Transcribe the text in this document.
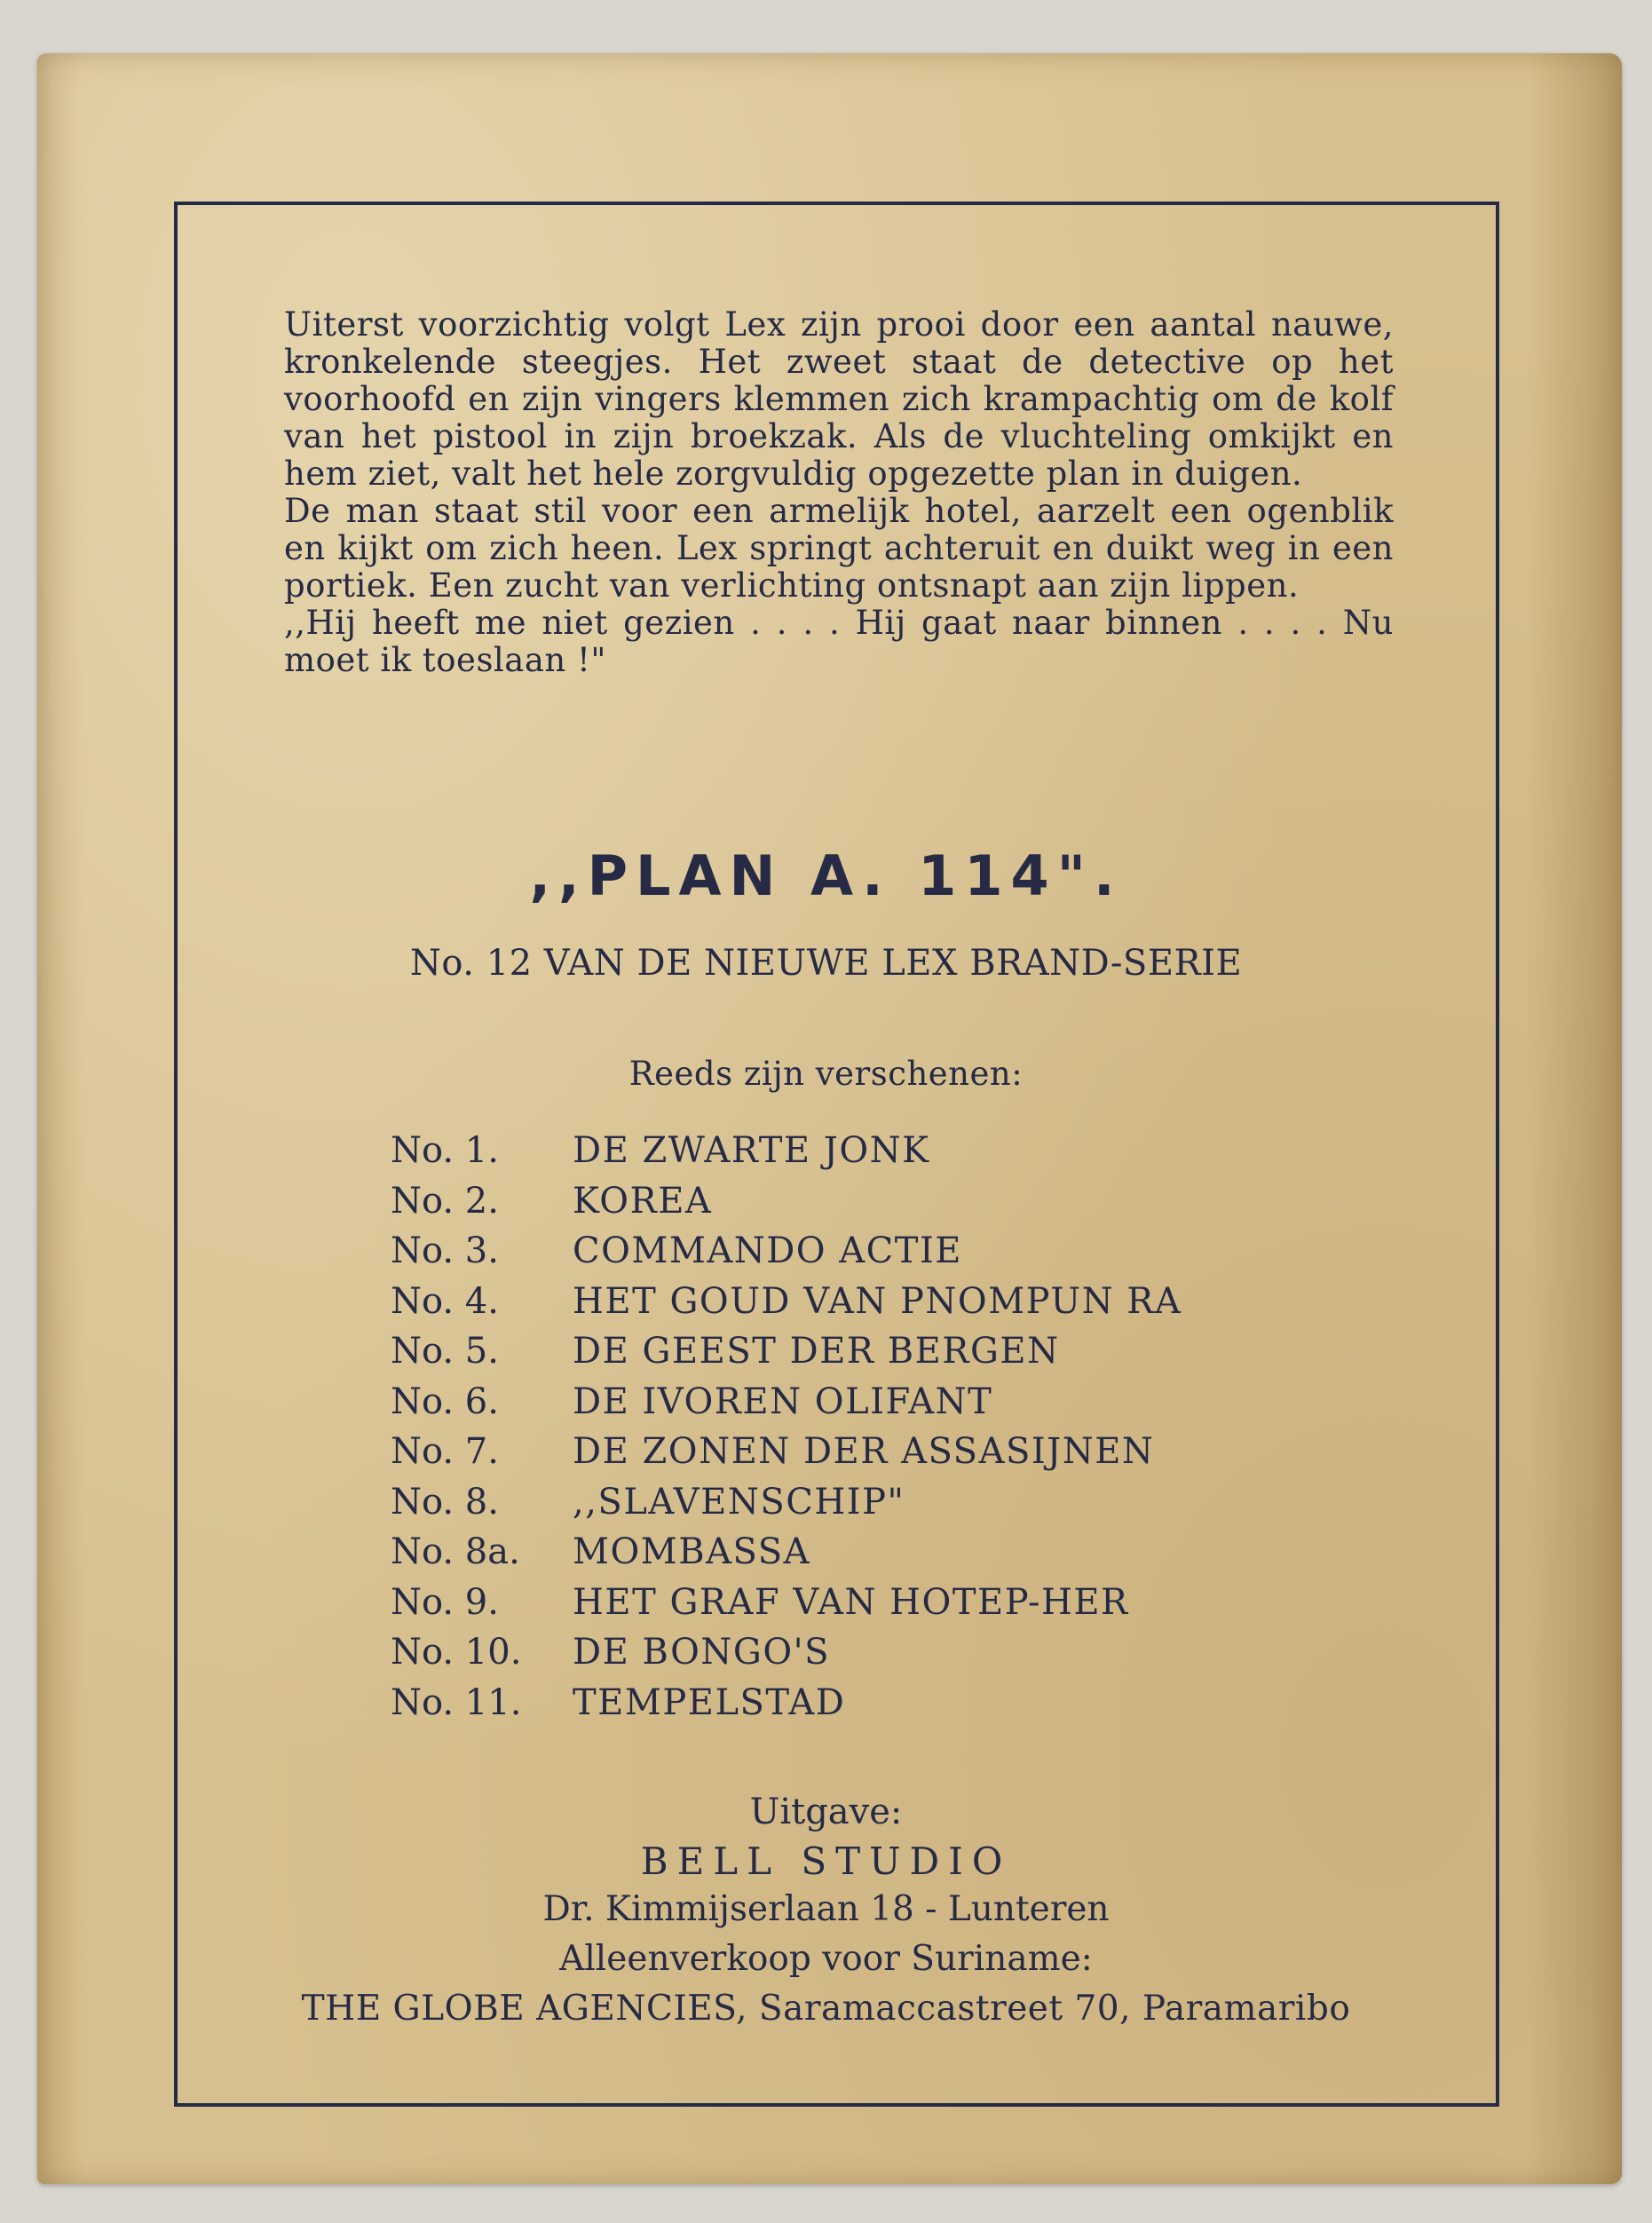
Uiterst voorzichtig volgt Lex zijn prooi door een aantal nauwe, kronkelende steegjes. Het zweet staat de detective op het voorhoofd en zijn vingers klemmen zich krampachtig om de kolf van het pistool in zijn broekzak. Als de vluchteling omkijkt en hem ziet, valt het hele zorgvuldig opgezette plan in duigen.

De man staat stil voor een armelijk hotel, aarzelt een ogenblik en kijkt om zich heen. Lex springt achteruit en duikt weg in een portiek. Een zucht van verlichting ontsnapt aan zijn lippen.

,,Hij heeft me niet gezien . . . . Hij gaat naar binnen . . . . Nu moet ik toeslaan !"

,,PLAN A. 114".
No. 12 VAN DE NIEUWE LEX BRAND-SERIE
Reeds zijn verschenen:
No. 1. DE ZWARTE JONK
No. 2. KOREA
No. 3. COMMANDO ACTIE
No. 4. HET GOUD VAN PNOMPUN RA
No. 5. DE GEEST DER BERGEN
No. 6. DE IVOREN OLIFANT
No. 7. DE ZONEN DER ASSASIJNEN
No. 8. ,,SLAVENSCHIP"
No. 8a. MOMBASSA
No. 9. HET GRAF VAN HOTEP-HER
No. 10. DE BONGO'S
No. 11. TEMPELSTAD
Uitgave:
BELL STUDIO
Dr. Kimmijserlaan 18 - Lunteren
Alleenverkoop voor Suriname:
THE GLOBE AGENCIES, Saramaccastreet 70, Paramaribo
